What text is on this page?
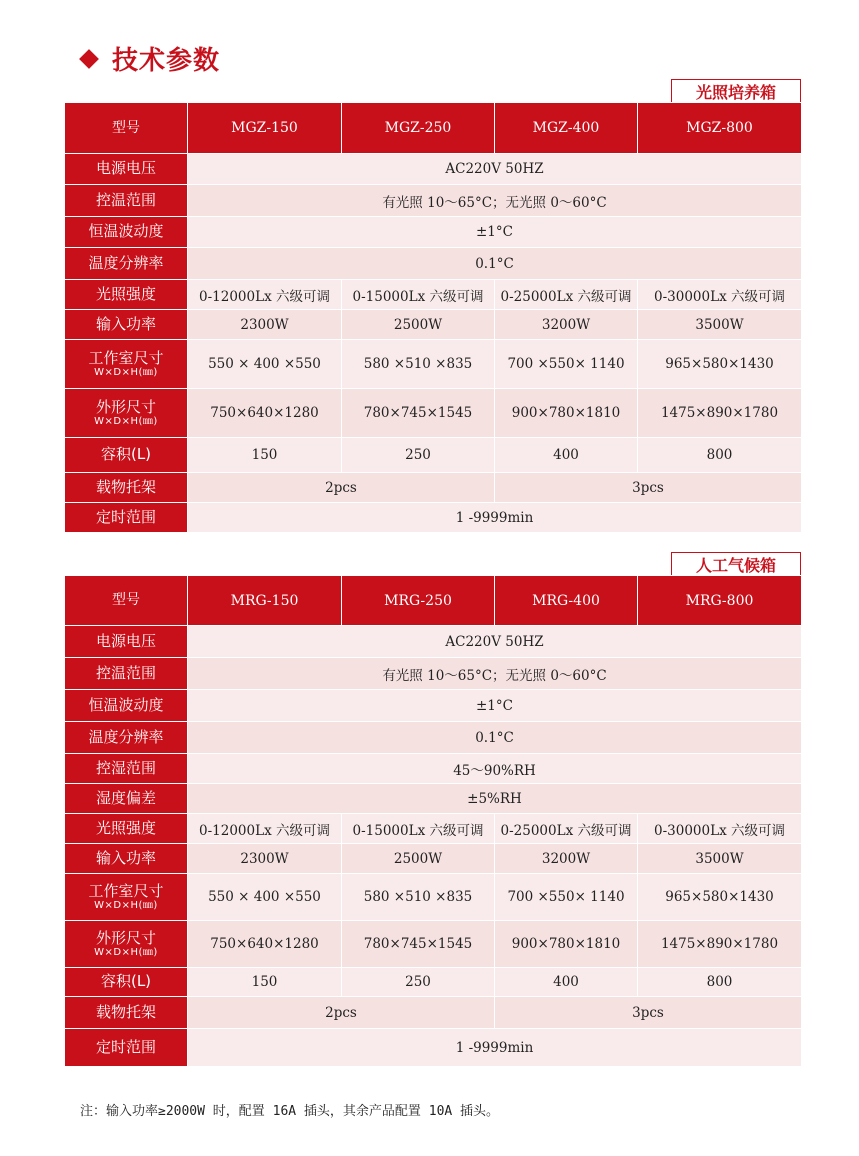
技术参数
光照培养箱
型号	MGZ-150	MGZ-250	MGZ-400	MGZ-800
电源电压	AC220V 50HZ			
控温范围	有光照 10～65°C；无光照 0～60°C			
恒温波动度	±1°C			
温度分辨率	0.1°C			
光照强度	0-12000Lx 六级可调	0-15000Lx 六级可调	0-25000Lx 六级可调	0-30000Lx 六级可调
输入功率	2300W	2500W	3200W	3500W
工作室尺寸
W×D×H(㎜)	550 × 400 ×550	580 ×510 ×835	700 ×550× 1140	965×580×1430
外形尺寸
W×D×H(㎜)	750×640×1280	780×745×1545	900×780×1810	1475×890×1780
容积(L)	150	250	400	800
载物托架	2pcs		3pcs	
定时范围	1 -9999min			
人工气候箱
型号	MRG-150	MRG-250	MRG-400	MRG-800
电源电压	AC220V 50HZ			
控温范围	有光照 10～65°C；无光照 0～60°C			
恒温波动度	±1°C			
温度分辨率	0.1°C			
控湿范围	45～90%RH			
湿度偏差	±5%RH			
光照强度	0-12000Lx 六级可调	0-15000Lx 六级可调	0-25000Lx 六级可调	0-30000Lx 六级可调
输入功率	2300W	2500W	3200W	3500W
工作室尺寸
W×D×H(㎜)	550 × 400 ×550	580 ×510 ×835	700 ×550× 1140	965×580×1430
外形尺寸
W×D×H(㎜)	750×640×1280	780×745×1545	900×780×1810	1475×890×1780
容积(L)	150	250	400	800
载物托架	2pcs		3pcs	
定时范围	1 -9999min			
注：输入功率≥2000W 时，配置 16A 插头，其余产品配置 10A 插头。
